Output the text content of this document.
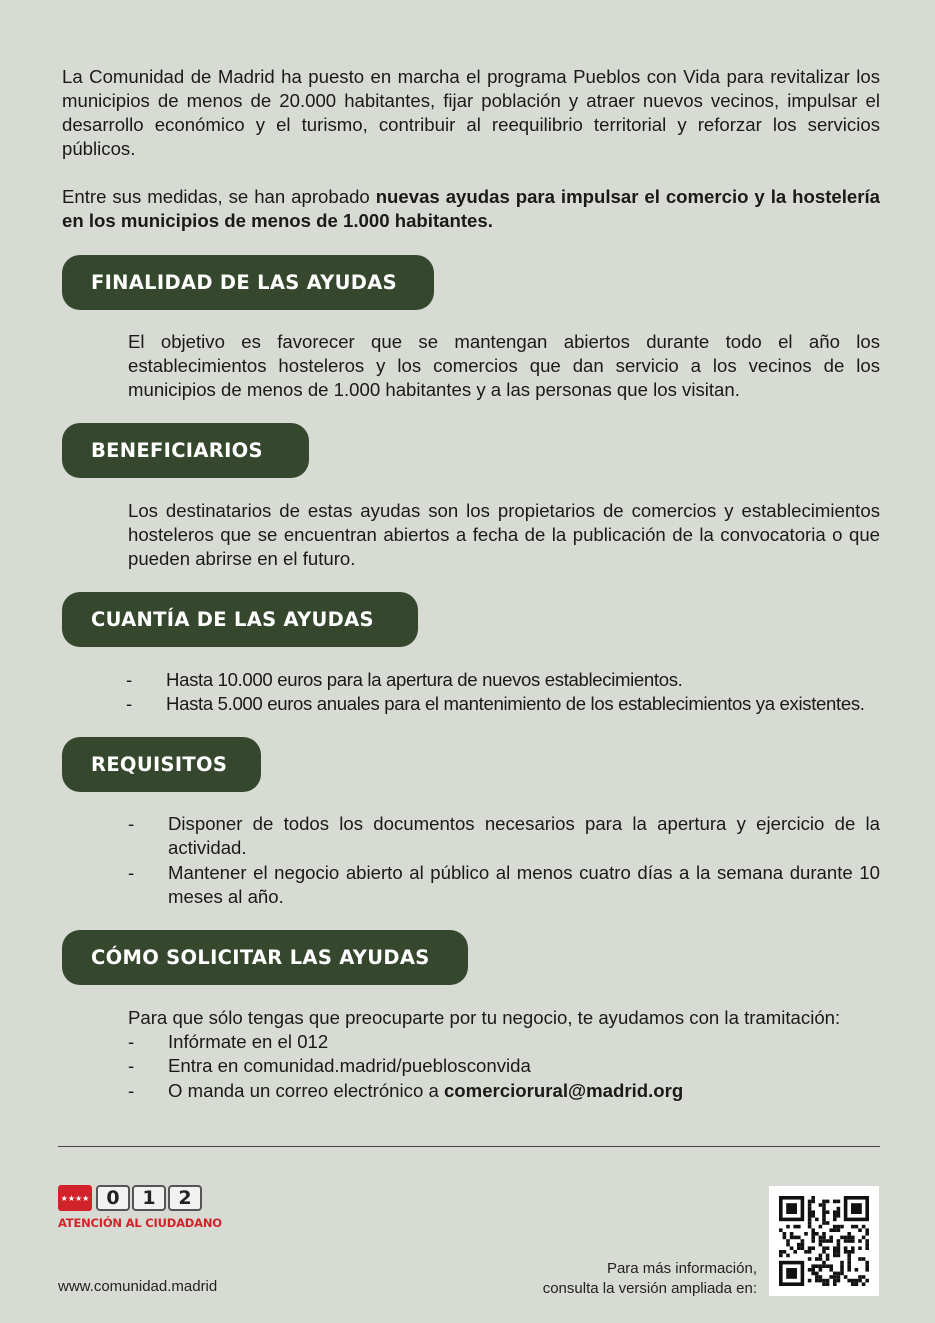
La Comunidad de Madrid ha puesto en marcha el programa Pueblos con Vida para revitalizar los municipios de menos de 20.000 habitantes, fijar población y atraer nuevos vecinos, impulsar el desarrollo económico y el turismo, contribuir al reequilibrio territorial y reforzar los servicios públicos.

Entre sus medidas, se han aprobado nuevas ayudas para impulsar el comercio y la hostelería en los municipios de menos de 1.000 habitantes.

FINALIDAD DE LAS AYUDAS

El objetivo es favorecer que se mantengan abiertos durante todo el año los establecimientos hosteleros y los comercios que dan servicio a los vecinos de los municipios de menos de 1.000 habitantes y a las personas que los visitan.

BENEFICIARIOS

Los destinatarios de estas ayudas son los propietarios de comercios y establecimientos hosteleros que se encuentran abiertos a fecha de la publicación de la convocatoria o que pueden abrirse en el futuro.

CUANTÍA DE LAS AYUDAS
- Hasta 10.000 euros para la apertura de nuevos establecimientos.
- Hasta 5.000 euros anuales para el mantenimiento de los establecimientos ya existentes.
REQUISITOS
- Disponer de todos los documentos necesarios para la apertura y ejercicio de la actividad.
- Mantener el negocio abierto al público al menos cuatro días a la semana durante 10 meses al año.
CÓMO SOLICITAR LAS AYUDAS

Para que sólo tengas que preocuparte por tu negocio, te ayudamos con la tramitación:

- Infórmate en el 012
- Entra en comunidad.madrid/pueblosconvida
- O manda un correo electrónico a comerciorural@madrid.org
★★★★ 0	1	2
ATENCIÓN AL CIUDADANO
www.comunidad.madrid
Para más información,
consulta la versión ampliada en:
